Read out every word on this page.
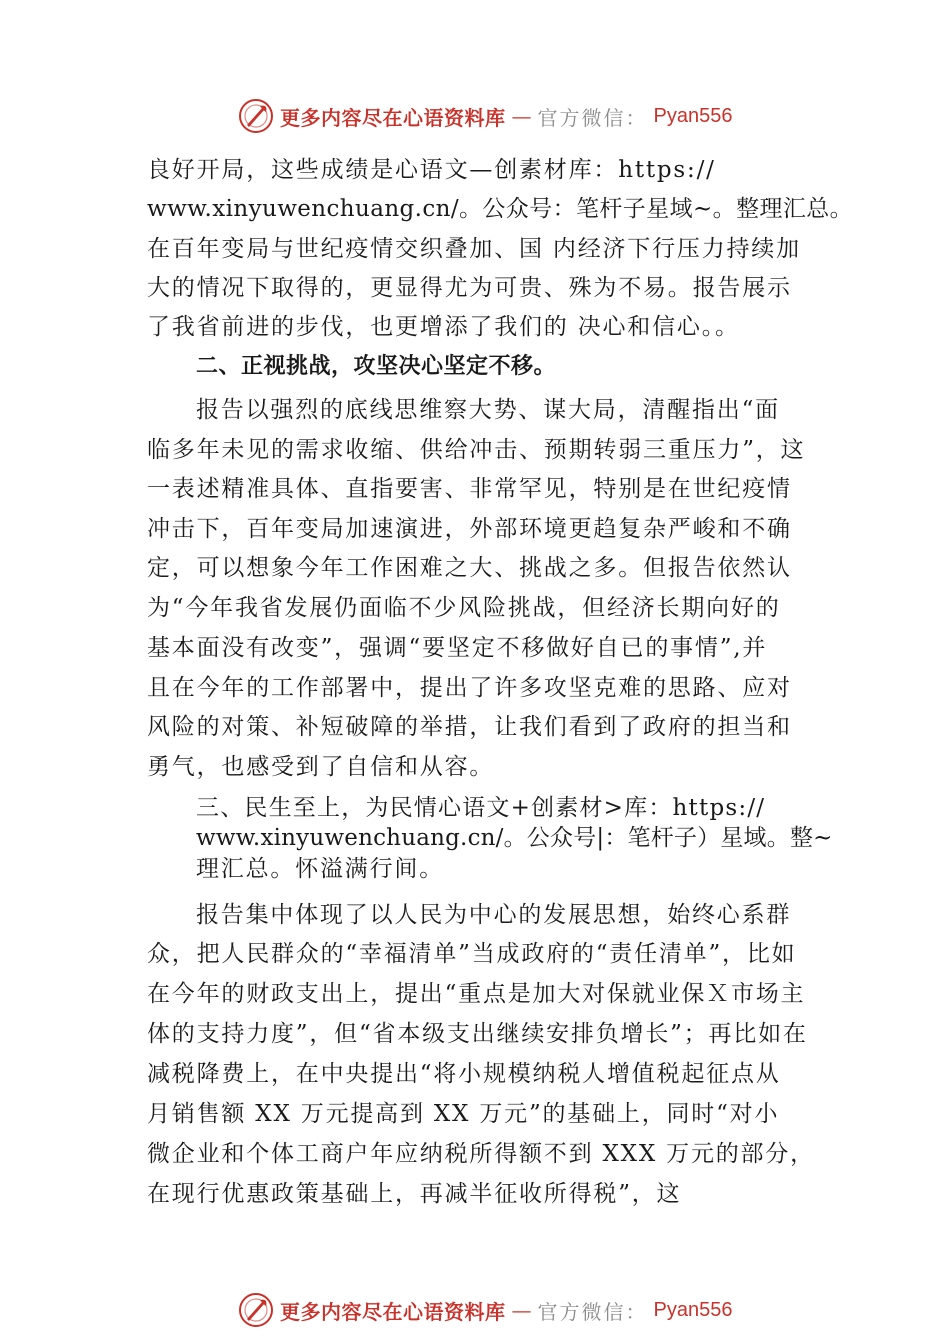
更多内容尽在心语资料库 — 官方微信： Pyan556
良好开局，这些成绩是心语文—创素材库：https://
www.xinyuwenchuang.cn/。公众号：笔杆子星域~。整理汇总。
在百年变局与世纪疫情交织叠加、国 内经济下行压力持续加
大的情况下取得的，更显得尤为可贵、殊为不易。报告展示
了我省前进的步伐，也更增添了我们的 决心和信心。。
二、正视挑战，攻坚决心坚定不移。
报告以强烈的底线思维察大势、谋大局，清醒指出“面
临多年未见的需求收缩、供给冲击、预期转弱三重压力”，这
一表述精准具体、直指要害、非常罕见，特别是在世纪疫情
冲击下，百年变局加速演进，外部环境更趋复杂严峻和不确
定，可以想象今年工作困难之大、挑战之多。但报告依然认
为“今年我省发展仍面临不少风险挑战，但经济长期向好的
基本面没有改变”，强调“要坚定不移做好自已的事情”,并
且在今年的工作部署中，提出了许多攻坚克难的思路、应对
风险的对策、补短破障的举措，让我们看到了政府的担当和
勇气，也感受到了自信和从容。
三、民生至上，为民情心语文+创素材>库：https://
www.xinyuwenchuang.cn/。公众号|：笔杆子）星域。整~
理汇总。怀溢满行间。
报告集中体现了以人民为中心的发展思想，始终心系群
众，把人民群众的“幸福清单”当成政府的“责任清单”，比如
在今年的财政支出上，提出“重点是加大对保就业保Ｘ市场主
体的支持力度”，但“省本级支出继续安排负增长”；再比如在
减税降费上，在中央提出“将小规模纳税人增值税起征点从
月销售额 XX 万元提高到 XX 万元”的基础上，同时“对小
微企业和个体工商户年应纳税所得额不到 XXX 万元的部分，
在现行优惠政策基础上，再减半征收所得税”，这
更多内容尽在心语资料库 — 官方微信： Pyan556
